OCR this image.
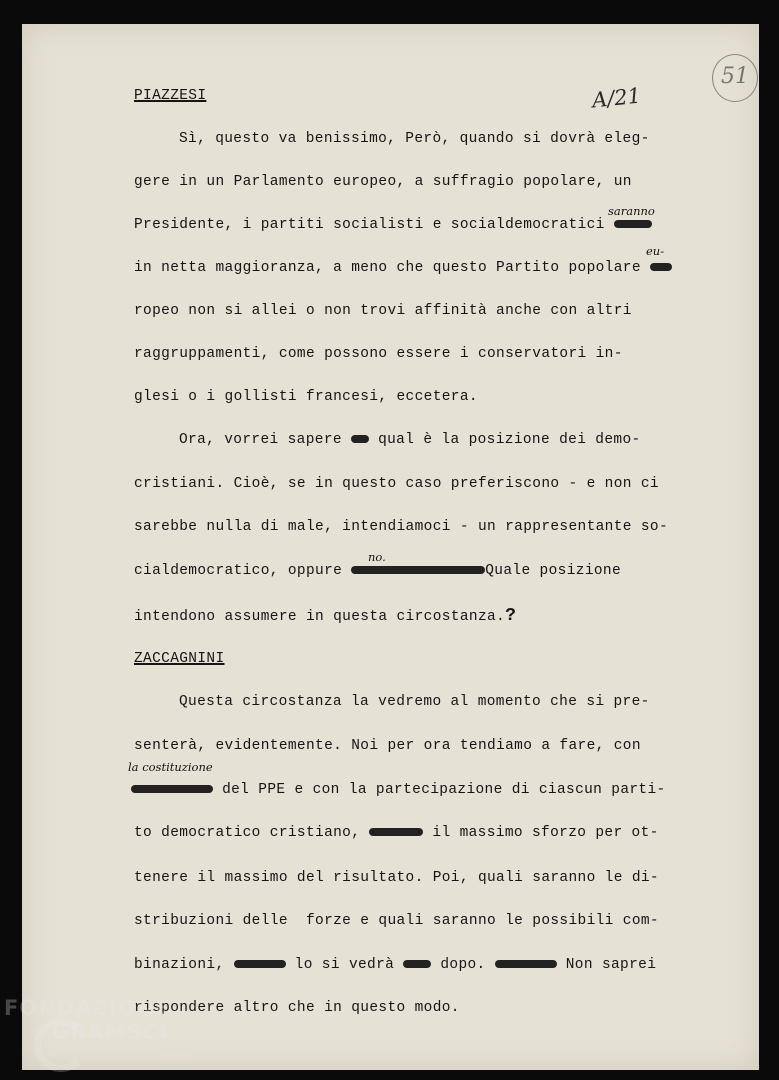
51
A/21
PIAZZESI
Sì, questo va benissimo, Però, quando si dovrà eleg-
gere in un Parlamento europeo, a suffragio popolare, un
Presidente, i partiti socialisti e socialdemocratici
saranno
in netta maggioranza, a meno che questo Partito popolare
eu-
ropeo non si allei o non trovi affinità anche con altri
raggruppamenti, come possono essere i conservatori in-
glesi o i gollisti francesi, eccetera.
Ora, vorrei sapere qual è la posizione dei demo-
cristiani. Cioè, se in questo caso preferiscono - e non ci
sarebbe nulla di male, intendiamoci - un rappresentante so-
cialdemocratico, oppure	Quale posizione
no.
intendono assumere in questa circostanza.?
ZACCAGNINI
Questa circostanza la vedremo al momento che si pre-
senterà, evidentemente. Noi per ora tendiamo a fare, con
la costituzione
del PPE e con la partecipazione di ciascun parti-
to democratico cristiano,	il massimo sforzo per ot-
tenere il massimo del risultato. Poi, quali saranno le di-
stribuzioni delle  forze e quali saranno le possibili com-
binazioni,	lo si vedrà	dopo.	Non saprei
rispondere altro che in questo modo.
FONDAZIONE
GRAMSCI
onlus
